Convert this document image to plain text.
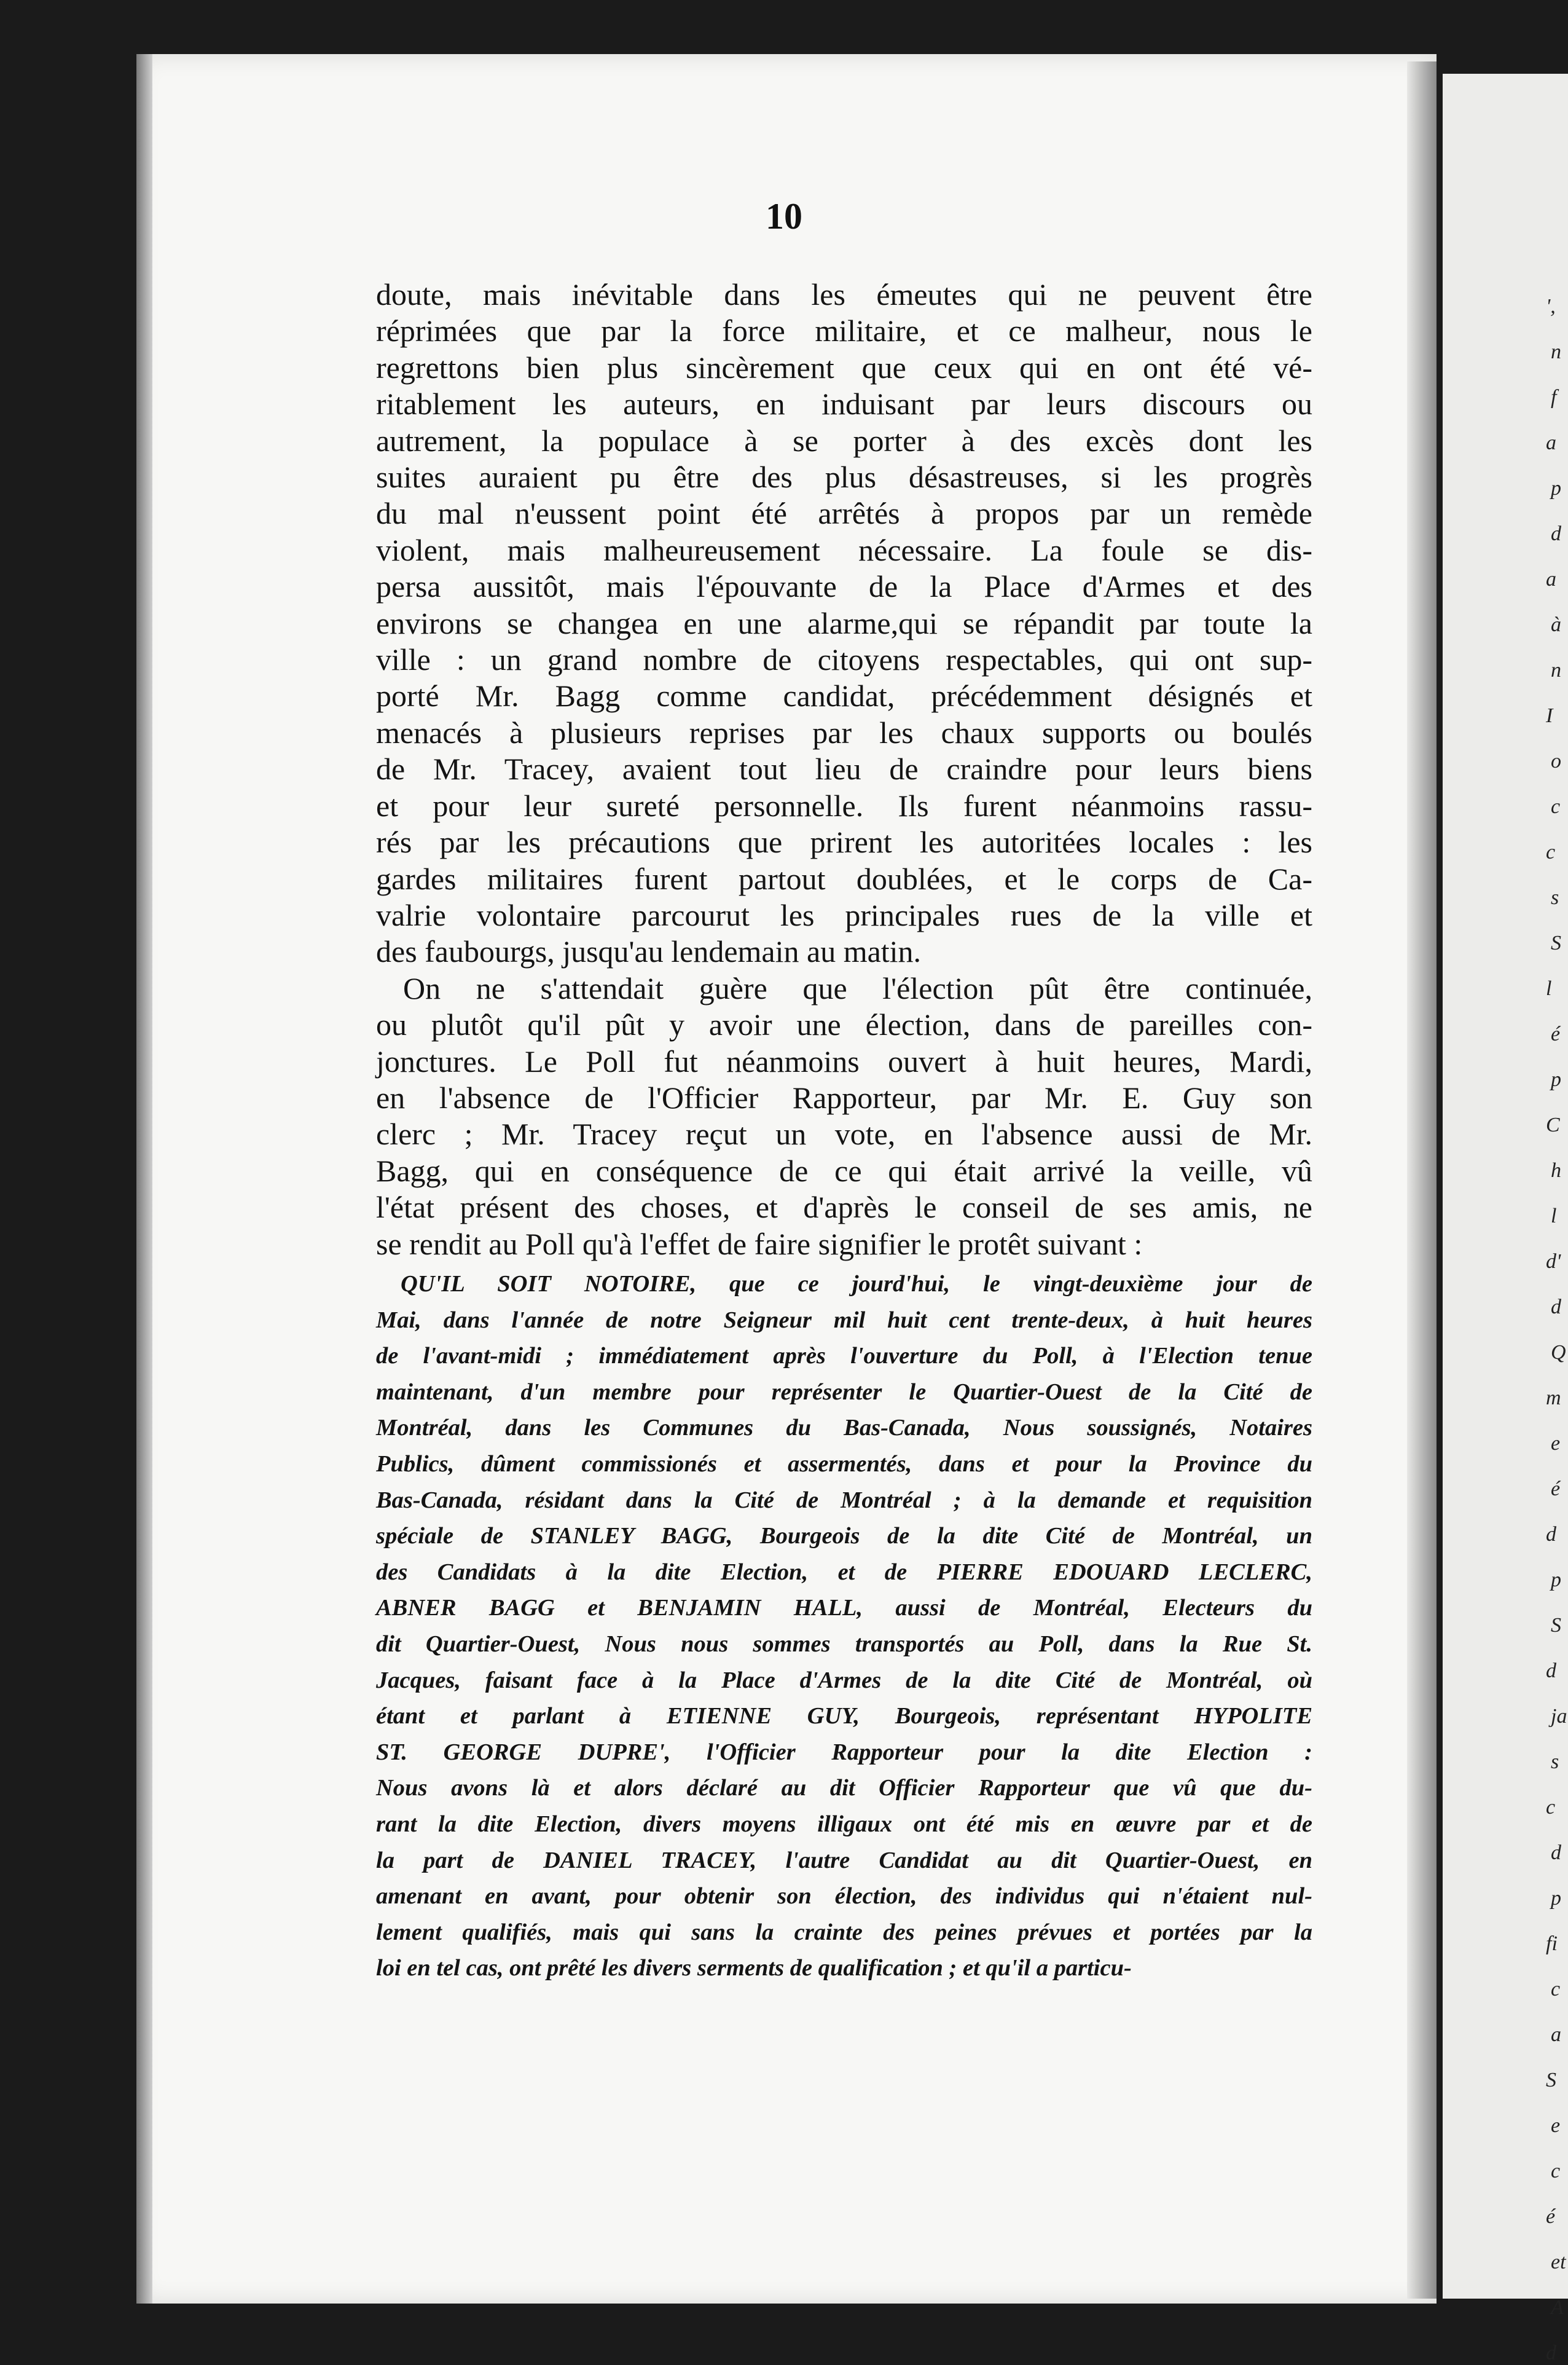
',
n
f
a
p
d
a
à
n
I
o
c
c
s
S
l
é
p
C
h
l
d'
d
Q
m
e
é
d
p
S
d
ja
s
c
d
p
fi
c
a
S
e
c
é
et
A
d
10

doute, mais inévitable dans les émeutes qui ne peuvent être

réprimées que par la force militaire, et ce malheur, nous le

regrettons bien plus sincèrement que ceux qui en ont été vé-

ritablement les auteurs, en induisant par leurs discours ou

autrement, la populace à se porter à des excès dont les

suites auraient pu être des plus désastreuses, si les progrès

du mal n'eussent point été arrêtés à propos par un remède

violent, mais malheureusement nécessaire. La foule se dis-

persa aussitôt, mais l'épouvante de la Place d'Armes et des

environs se changea en une alarme,qui se répandit par toute la

ville : un grand nombre de citoyens respectables, qui ont sup-

porté Mr. Bagg comme candidat, précédemment désignés et

menacés à plusieurs reprises par les chaux supports ou boulés

de Mr. Tracey, avaient tout lieu de craindre pour leurs biens

et pour leur sureté personnelle. Ils furent néanmoins rassu-

rés par les précautions que prirent les autoritées locales : les

gardes militaires furent partout doublées, et le corps de Ca-

valrie volontaire parcourut les principales rues de la ville et

des faubourgs, jusqu'au lendemain au matin.

On ne s'attendait guère que l'élection pût être continuée,

ou plutôt qu'il pût y avoir une élection, dans de pareilles con-

jonctures. Le Poll fut néanmoins ouvert à huit heures, Mardi,

en l'absence de l'Officier Rapporteur, par Mr. E. Guy son

clerc ; Mr. Tracey reçut un vote, en l'absence aussi de Mr.

Bagg, qui en conséquence de ce qui était arrivé la veille, vû

l'état présent des choses, et d'après le conseil de ses amis, ne

se rendit au Poll qu'à l'effet de faire signifier le protêt suivant :

QU'IL SOIT NOTOIRE, que ce jourd'hui, le vingt-deuxième jour de

Mai, dans l'année de notre Seigneur mil huit cent trente-deux, à huit heures

de l'avant-midi ; immédiatement après l'ouverture du Poll, à l'Election tenue

maintenant, d'un membre pour représenter le Quartier-Ouest de la Cité de

Montréal, dans les Communes du Bas-Canada, Nous soussignés, Notaires

Publics, dûment commissionés et assermentés, dans et pour la Province du

Bas-Canada, résidant dans la Cité de Montréal ; à la demande et requisition

spéciale de STANLEY BAGG, Bourgeois de la dite Cité de Montréal, un

des Candidats à la dite Election, et de PIERRE EDOUARD LECLERC,

ABNER BAGG et BENJAMIN HALL, aussi de Montréal, Electeurs du

dit Quartier-Ouest, Nous nous sommes transportés au Poll, dans la Rue St.

Jacques, faisant face à la Place d'Armes de la dite Cité de Montréal, où

étant et parlant à ETIENNE GUY, Bourgeois, représentant HYPOLITE

ST. GEORGE DUPRE', l'Officier Rapporteur pour la dite Election :

Nous avons là et alors déclaré au dit Officier Rapporteur que vû que du-

rant la dite Election, divers moyens illigaux ont été mis en œuvre par et de

la part de DANIEL TRACEY, l'autre Candidat au dit Quartier-Ouest, en

amenant en avant, pour obtenir son élection, des individus qui n'étaient nul-

lement qualifiés, mais qui sans la crainte des peines prévues et portées par la

loi en tel cas, ont prêté les divers serments de qualification ; et qu'il a particu-
